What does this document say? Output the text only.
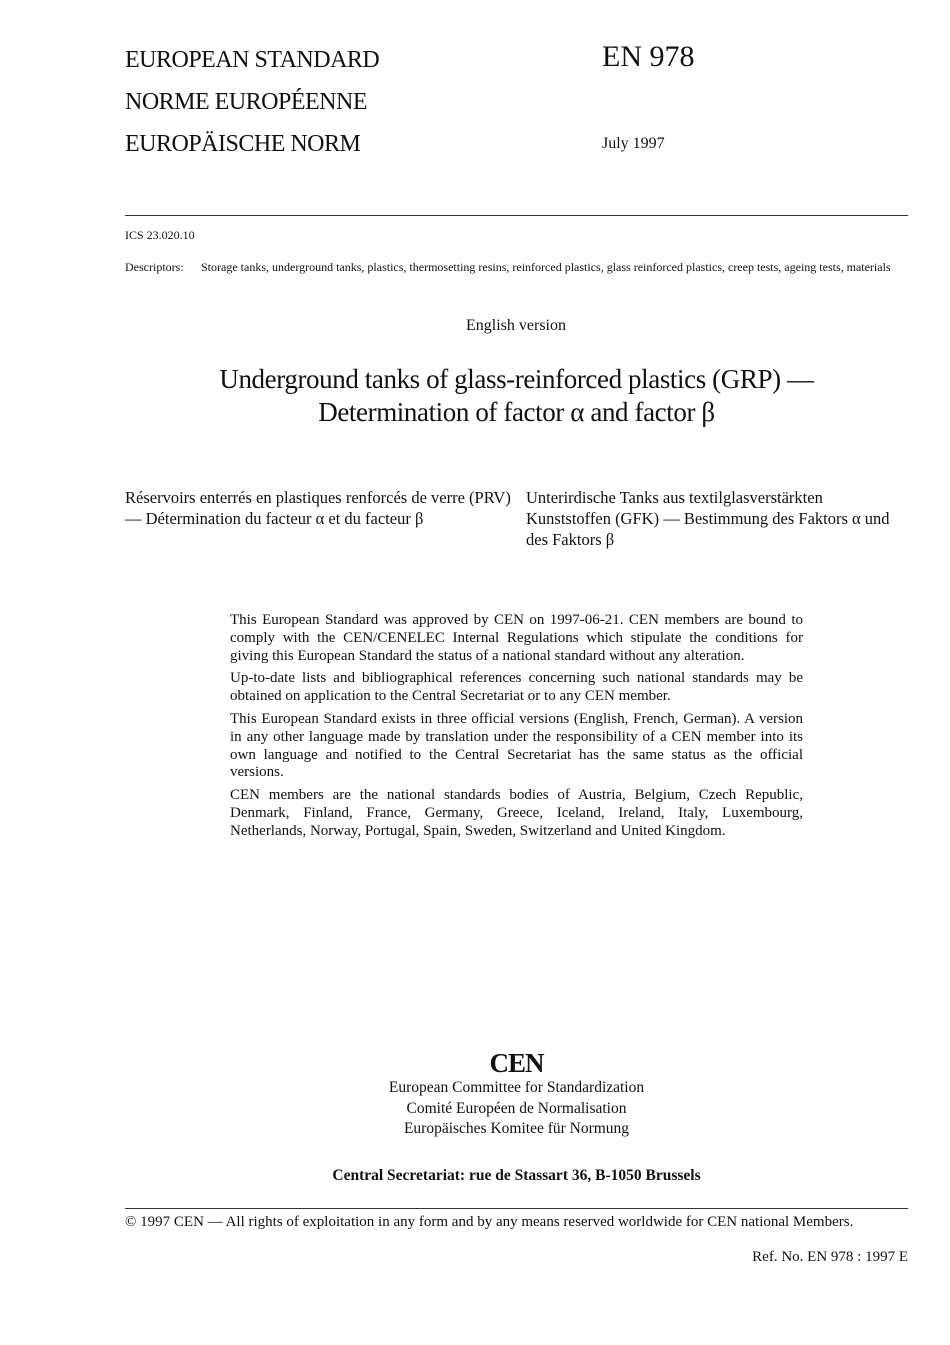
EUROPEAN STANDARD
NORME EUROPÉENNE
EUROPÄISCHE NORM
EN 978
July 1997
ICS 23.020.10
Descriptors:	Storage tanks, underground tanks, plastics, thermosetting resins, reinforced plastics, glass reinforced plastics, creep tests, ageing tests, materials
English version
Underground tanks of glass-reinforced plastics (GRP) —
Determination of factor α and factor β
Réservoirs enterrés en plastiques renforcés de verre (PRV) — Détermination du facteur α et du facteur β
Unterirdische Tanks aus textilglasverstärkten Kunststoffen (GFK) — Bestimmung des Faktors α und des Faktors β

This European Standard was approved by CEN on 1997-06-21. CEN members are bound to comply with the CEN/CENELEC Internal Regulations which stipulate the conditions for giving this European Standard the status of a national standard without any alteration.

Up-to-date lists and bibliographical references concerning such national standards may be obtained on application to the Central Secretariat or to any CEN member.

This European Standard exists in three official versions (English, French, German). A version in any other language made by translation under the responsibility of a CEN member into its own language and notified to the Central Secretariat has the same status as the official versions.

CEN members are the national standards bodies of Austria, Belgium, Czech Republic, Denmark, Finland, France, Germany, Greece, Iceland, Ireland, Italy, Luxembourg, Netherlands, Norway, Portugal, Spain, Sweden, Switzerland and United Kingdom.

CEN
European Committee for Standardization
Comité Européen de Normalisation
Europäisches Komitee für Normung
Central Secretariat: rue de Stassart 36, B-1050 Brussels
© 1997 CEN — All rights of exploitation in any form and by any means reserved worldwide for CEN national Members.
Ref. No. EN 978 : 1997 E
